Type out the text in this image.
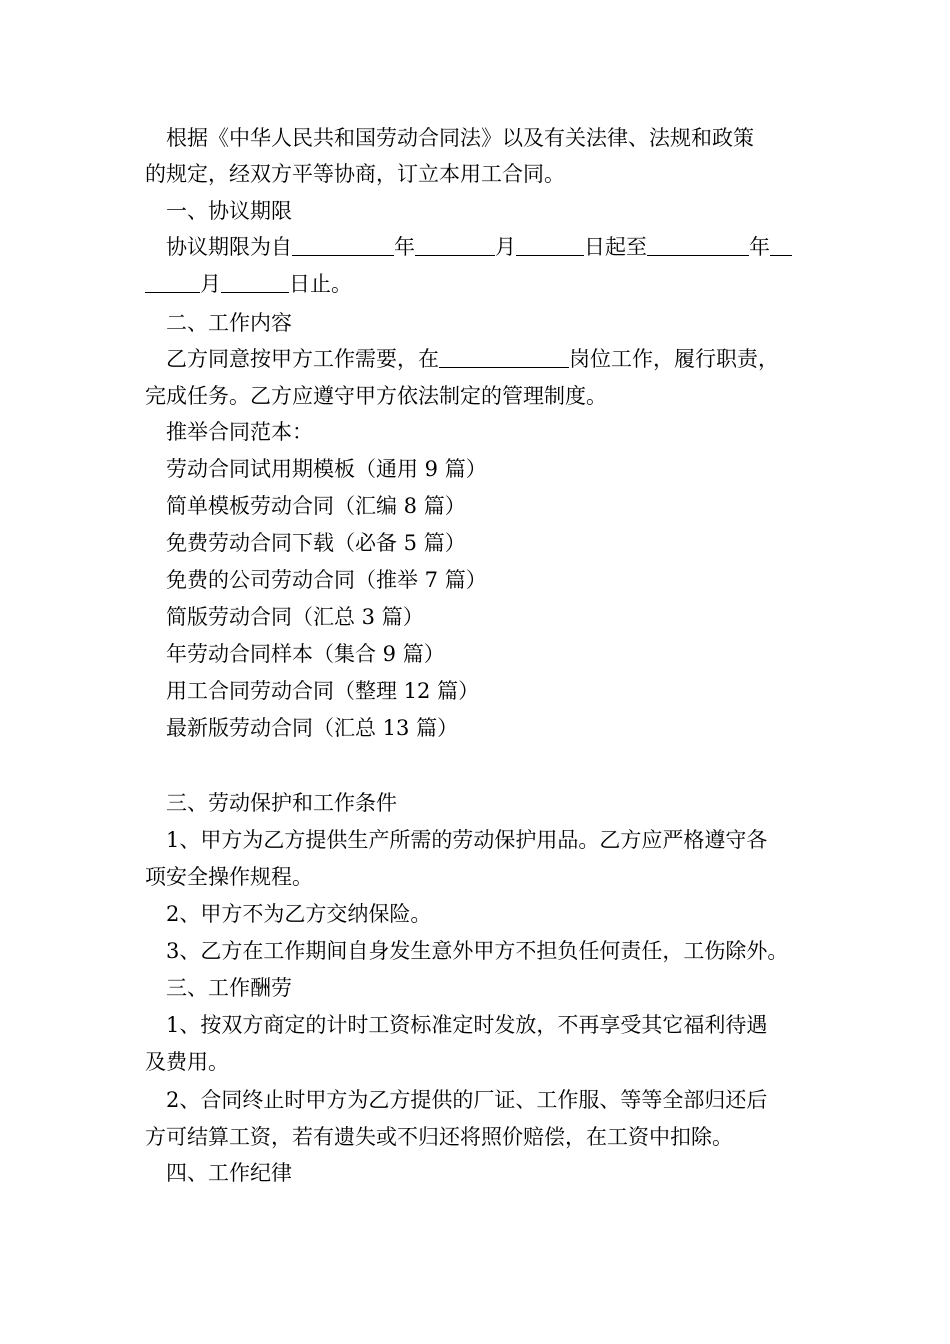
根据《中华人民共和国劳动合同法》以及有关法律、法规和政策
的规定，经双方平等协商，订立本用工合同。
一、协议期限
协议期限为自	年	月	日起至	年
月	日止。
二、工作内容
乙方同意按甲方工作需要，在	岗位工作，履行职责，
完成任务。乙方应遵守甲方依法制定的管理制度。
推举合同范本：
劳动合同试用期模板（通用 9 篇）
简单模板劳动合同（汇编 8 篇）
免费劳动合同下载（必备 5 篇）
免费的公司劳动合同（推举 7 篇）
简版劳动合同（汇总 3 篇）
年劳动合同样本（集合 9 篇）
用工合同劳动合同（整理 12 篇）
最新版劳动合同（汇总 13 篇）
三、劳动保护和工作条件
1、甲方为乙方提供生产所需的劳动保护用品。乙方应严格遵守各
项安全操作规程。
2、甲方不为乙方交纳保险。
3、乙方在工作期间自身发生意外甲方不担负任何责任，工伤除外。
三、工作酬劳
1、按双方商定的计时工资标准定时发放，不再享受其它福利待遇
及费用。
2、合同终止时甲方为乙方提供的厂证、工作服、等等全部归还后
方可结算工资，若有遗失或不归还将照价赔偿，在工资中扣除。
四、工作纪律
